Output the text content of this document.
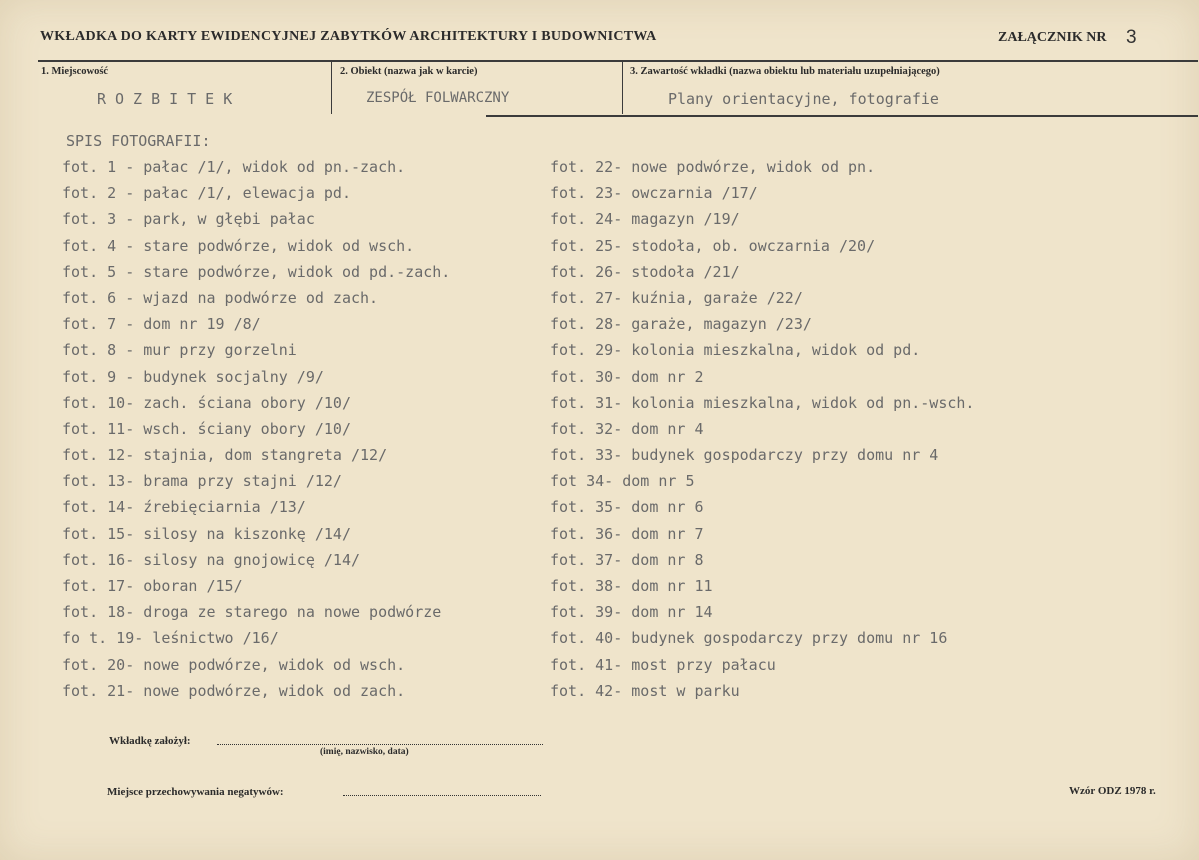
WKŁADKA DO KARTY EWIDENCYJNEJ ZABYTKÓW ARCHITEKTURY I BUDOWNICTWA	ZAŁĄCZNIK NR 3
1. Miejscowość	2. Obiekt (nazwa jak w karcie)	3. Zawartość wkładki (nazwa obiektu lub materiału uzupełniającego)
ROZBITEK	ZESPÓŁ FOLWARCZNY	Plany orientacyjne, fotografie
SPIS FOTOGRAFII:
fot. 1 - pałac /1/, widok od pn.-zach.
fot. 2 - pałac /1/, elewacja pd.
fot. 3 - park, w głębi pałac
fot. 4 - stare podwórze, widok od wsch.
fot. 5 - stare podwórze, widok od pd.-zach.
fot. 6 - wjazd na podwórze od zach.
fot. 7 - dom nr 19 /8/
fot. 8 - mur przy gorzelni
fot. 9 - budynek socjalny /9/
fot. 10- zach. ściana obory /10/
fot. 11- wsch. ściany obory /10/
fot. 12- stajnia, dom stangreta /12/
fot. 13- brama przy stajni /12/
fot. 14- źrebięciarnia /13/
fot. 15- silosy na kiszonkę /14/
fot. 16- silosy na gnojowicę /14/
fot. 17- oboran /15/
fot. 18- droga ze starego na nowe podwórze
fo t. 19- leśnictwo /16/
fot. 20- nowe podwórze, widok od wsch.
fot. 21- nowe podwórze, widok od zach.
fot. 22- nowe podwórze, widok od pn.
fot. 23- owczarnia /17/
fot. 24- magazyn /19/
fot. 25- stodoła, ob. owczarnia /20/
fot. 26- stodoła /21/
fot. 27- kuźnia, garaże /22/
fot. 28- garaże, magazyn /23/
fot. 29- kolonia mieszkalna, widok od pd.
fot. 30- dom nr 2
fot. 31- kolonia mieszkalna, widok od pn.-wsch.
fot. 32- dom nr 4
fot. 33- budynek gospodarczy przy domu nr 4
fot 34- dom nr 5
fot. 35- dom nr 6
fot. 36- dom nr 7
fot. 37- dom nr 8
fot. 38- dom nr 11
fot. 39- dom nr 14
fot. 40- budynek gospodarczy przy domu nr 16
fot. 41- most przy pałacu
fot. 42- most w parku
Wkładkę założył:
(imię, nazwisko, data)
Miejsce przechowywania negatywów:	Wzór ODZ 1978 r.
